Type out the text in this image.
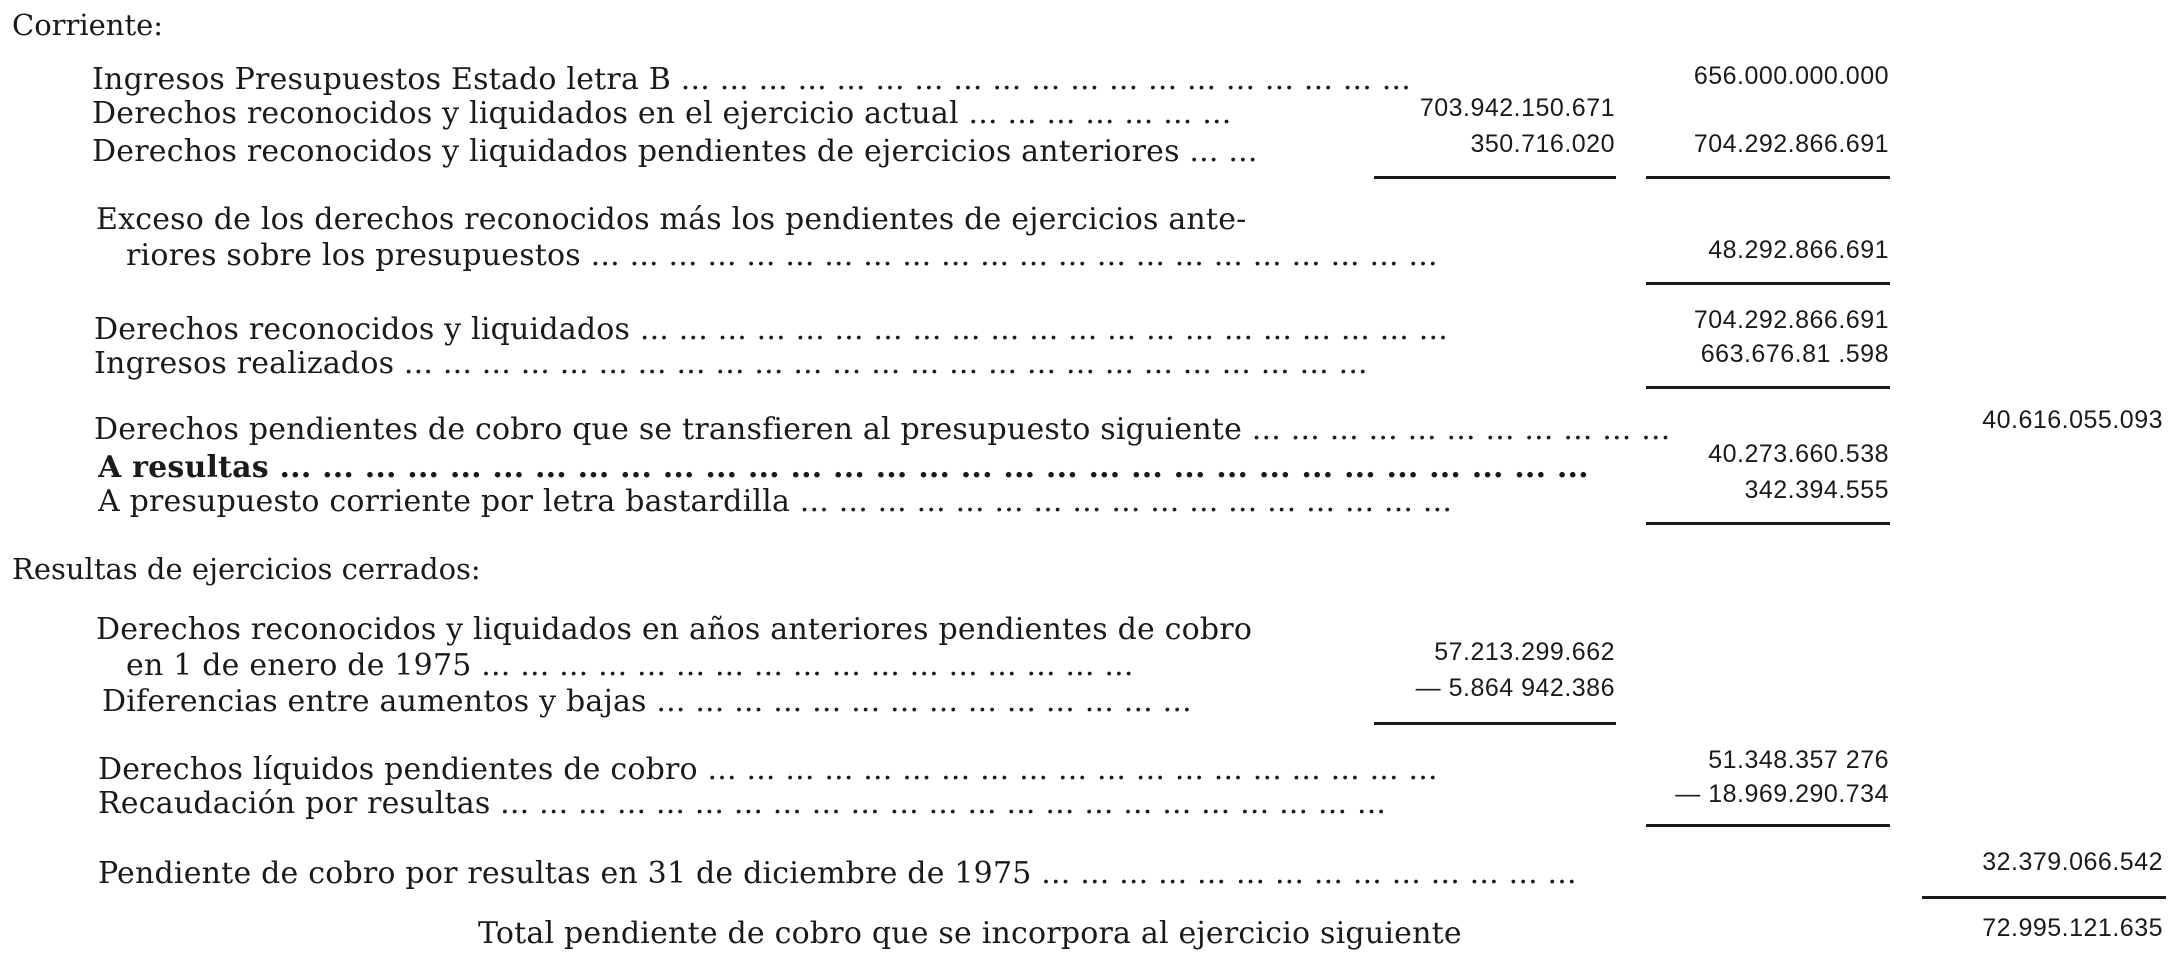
Corriente:
Ingresos Presupuestos Estado letra B ... ... ... ... ... ... ... ... ... ... ... ... ... ... ... ... ... ... ...	656.000.000.000
Derechos reconocidos y liquidados en el ejercicio actual ... ... ... ... ... ... ...	703.942.150.671
Derechos reconocidos y liquidados pendientes de ejercicios anteriores ... ...	350.716.020	704.292.866.691
Exceso de los derechos reconocidos más los pendientes de ejercicios ante-
riores sobre los presupuestos ... ... ... ... ... ... ... ... ... ... ... ... ... ... ... ... ... ... ... ... ... ...	48.292.866.691
Derechos reconocidos y liquidados ... ... ... ... ... ... ... ... ... ... ... ... ... ... ... ... ... ... ... ... ...	704.292.866.691
Ingresos realizados ... ... ... ... ... ... ... ... ... ... ... ... ... ... ... ... ... ... ... ... ... ... ... ... ...	663.676.81 .598
Derechos pendientes de cobro que se transfieren al presupuesto siguiente ... ... ... ... ... ... ... ... ... ... ...	40.616.055.093
A resultas ... ... ... ... ... ... ... ... ... ... ... ... ... ... ... ... ... ... ... ... ... ... ... ... ... ... ... ... ... ... ...	40.273.660.538
A presupuesto corriente por letra bastardilla ... ... ... ... ... ... ... ... ... ... ... ... ... ... ... ... ...	342.394.555
Resultas de ejercicios cerrados:
Derechos reconocidos y liquidados en años anteriores pendientes de cobro
en 1 de enero de 1975 ... ... ... ... ... ... ... ... ... ... ... ... ... ... ... ... ...	57.213.299.662
Diferencias entre aumentos y bajas ... ... ... ... ... ... ... ... ... ... ... ... ... ...	— 5.864 942.386
Derechos líquidos pendientes de cobro ... ... ... ... ... ... ... ... ... ... ... ... ... ... ... ... ... ... ...	51.348.357 276
Recaudación por resultas ... ... ... ... ... ... ... ... ... ... ... ... ... ... ... ... ... ... ... ... ... ... ...	— 18.969.290.734
Pendiente de cobro por resultas en 31 de diciembre de 1975 ... ... ... ... ... ... ... ... ... ... ... ... ... ...	32.379.066.542
Total pendiente de cobro que se incorpora al ejercicio siguiente	72.995.121.635
